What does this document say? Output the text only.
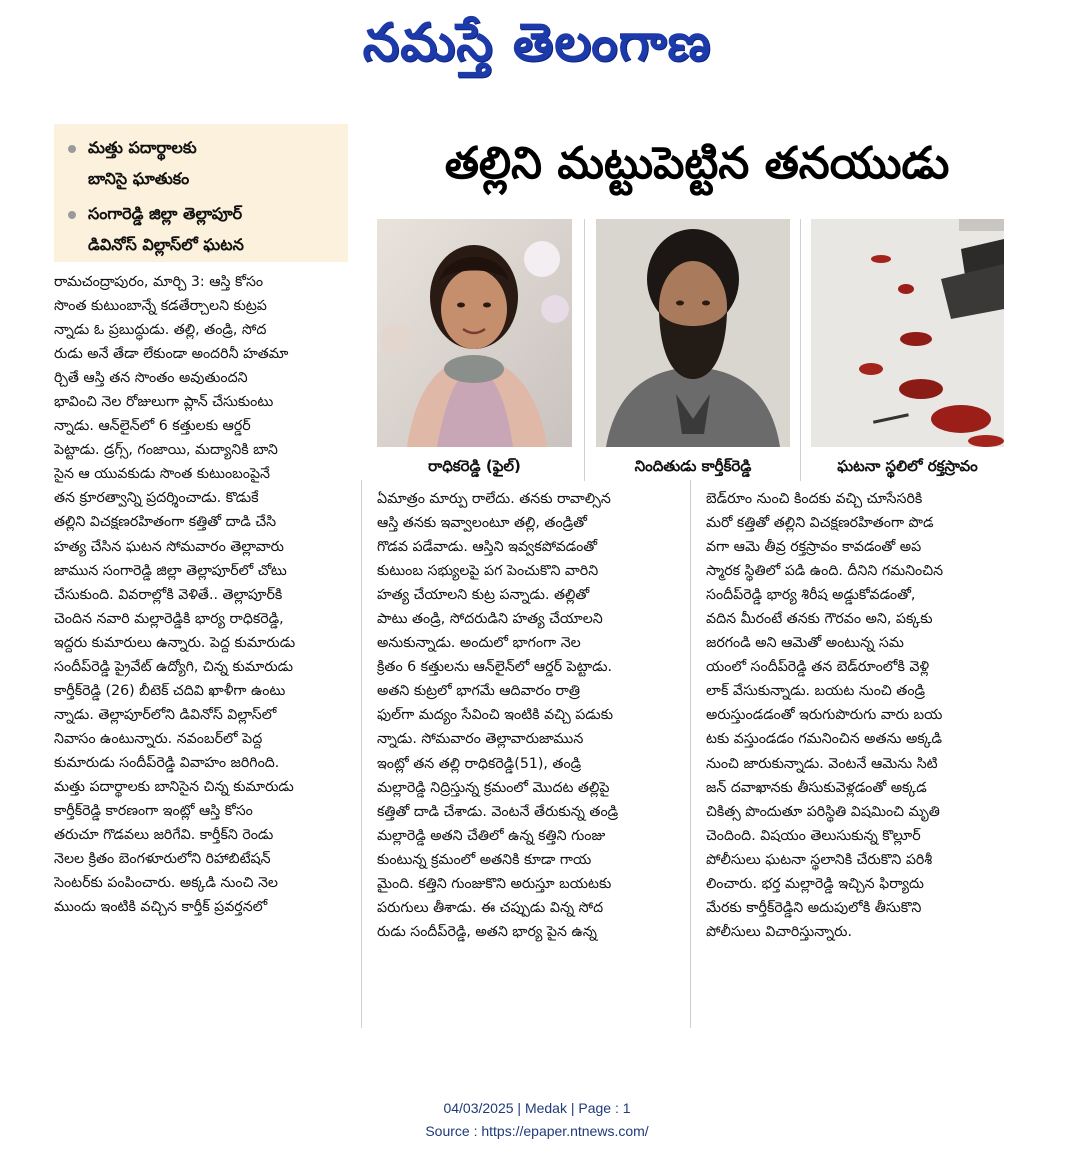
నమస్తే తెలంగాణ
మత్తు పదార్థాలకు
బానిసై ఘాతుకం
సంగారెడ్డి జిల్లా తెల్లాపూర్
డివినోస్ విల్లాస్‌లో ఘటన
తల్లిని మట్టుపెట్టిన తనయుడు
రాధికరెడ్డి (ఫైల్)	నిందితుడు కార్తీక్‌రెడ్డి	ఘటనా స్థలిలో రక్తస్రావం
రామచంద్రాపురం, మార్చి 3: ఆస్తి కోసం
సొంత కుటుంబాన్నే కడతేర్చాలని కుట్రప
న్నాడు ఓ ప్రబుద్ధుడు. తల్లి, తండ్రి, సోద
రుడు అనే తేడా లేకుండా అందరినీ హతమా
ర్చితే ఆస్తి తన సొంతం అవుతుందని
భావించి నెల రోజులుగా ప్లాన్ చేసుకుంటు
న్నాడు. ఆన్‌లైన్‌లో 6 కత్తులకు ఆర్డర్
పెట్టాడు. డ్రగ్స్, గంజాయి, మద్యానికి బాని
సైన ఆ యువకుడు సొంత కుటుంబంపైనే
తన క్రూరత్వాన్ని ప్రదర్శించాడు. కొడుకే
తల్లిని విచక్షణరహితంగా కత్తితో దాడి చేసి
హత్య చేసిన ఘటన సోమవారం తెల్లావారు
జామున సంగారెడ్డి జిల్లా తెల్లాపూర్‌లో చోటు
చేసుకుంది. వివరాల్లోకి వెళితే.. తెల్లాపూర్‌కి
చెందిన నవారి మల్లారెడ్డికి భార్య రాధికరెడ్డి,
ఇద్దరు కుమారులు ఉన్నారు. పెద్ద కుమారుడు
సందీప్‌రెడ్డి ప్రైవేట్ ఉద్యోగి, చిన్న కుమారుడు
కార్తీక్‌రెడ్డి (26) బీటెక్ చదివి ఖాళీగా ఉంటు
న్నాడు. తెల్లాపూర్‌లోని డివినోస్ విల్లాస్‌లో
నివాసం ఉంటున్నారు. నవంబర్‌లో పెద్ద
కుమారుడు సందీప్‌రెడ్డి వివాహం జరిగింది.
మత్తు పదార్థాలకు బానిసైన చిన్న కుమారుడు
కార్తీక్‌రెడ్డి కారణంగా ఇంట్లో ఆస్తి కోసం
తరుచూ గొడవలు జరిగేవి. కార్తీక్‌ని రెండు
నెలల క్రితం బెంగళూరులోని రిహాబిటేషన్
సెంటర్‌కు పంపించారు. అక్కడి నుంచి నెల
ముందు ఇంటికి వచ్చిన కార్తీక్ ప్రవర్తనలో
ఏమాత్రం మార్పు రాలేదు. తనకు రావాల్సిన
ఆస్తి తనకు ఇవ్వాలంటూ తల్లి, తండ్రితో
గొడవ పడేవాడు. ఆస్తిని ఇవ్వకపోవడంతో
కుటుంబ సభ్యులపై పగ పెంచుకొని వారిని
హత్య చేయాలని కుట్ర పన్నాడు. తల్లితో
పాటు తండ్రి, సోదరుడిని హత్య చేయాలని
అనుకున్నాడు. అందులో భాగంగా నెల
క్రితం 6 కత్తులను ఆన్‌లైన్‌లో ఆర్డర్ పెట్టాడు.
అతని కుట్రలో భాగమే ఆదివారం రాత్రి
ఫుల్‌గా మద్యం సేవించి ఇంటికి వచ్చి పడుకు
న్నాడు. సోమవారం తెల్లావారుజామున
ఇంట్లో తన తల్లి రాధికరెడ్డి(51), తండ్రి
మల్లారెడ్డి నిద్రిస్తున్న క్రమంలో మొదట తల్లిపై
కత్తితో దాడి చేశాడు. వెంటనే తేరుకున్న తండ్రి
మల్లారెడ్డి అతని చేతిలో ఉన్న కత్తిని గుంజు
కుంటున్న క్రమంలో అతనికి కూడా గాయ
మైంది. కత్తిని గుంజుకొని అరుస్తూ బయటకు
పరుగులు తీశాడు. ఈ చప్పుడు విన్న సోద
రుడు సందీప్‌రెడ్డి, అతని భార్య పైన ఉన్న
బెడ్‌రూం నుంచి కిందకు వచ్చి చూసేసరికి
మరో కత్తితో తల్లిని విచక్షణరహితంగా పొడ
వగా ఆమె తీవ్ర రక్తస్రావం కావడంతో అప
స్మారక స్థితిలో పడి ఉంది. దీనిని గమనించిన
సందీప్‌రెడ్డి భార్య శిరీష అడ్డుకోవడంతో,
వదిన మీరంటే తనకు గౌరవం అని, పక్కకు
జరగండి అని ఆమెతో అంటున్న సమ
యంలో సందీప్‌రెడ్డి తన బెడ్‌రూంలోకి వెళ్లి
లాక్ వేసుకున్నాడు. బయట నుంచి తండ్రి
అరుస్తుండడంతో ఇరుగుపొరుగు వారు బయ
టకు వస్తుండడం గమనించిన అతను అక్కడి
నుంచి జారుకున్నాడు. వెంటనే ఆమెను సిటి
జన్ దవాఖానకు తీసుకువెళ్లడంతో అక్కడ
చికిత్స పొందుతూ పరిస్థితి విషమించి మృతి
చెందింది. విషయం తెలుసుకున్న కొల్లూర్
పోలీసులు ఘటనా స్థలానికి చేరుకొని పరిశీ
లించారు. భర్త మల్లారెడ్డి ఇచ్చిన ఫిర్యాదు
మేరకు కార్తీక్‌రెడ్డిని అదుపులోకి తీసుకొని
పోలీసులు విచారిస్తున్నారు.
04/03/2025 | Medak | Page : 1
Source : https://epaper.ntnews.com/
